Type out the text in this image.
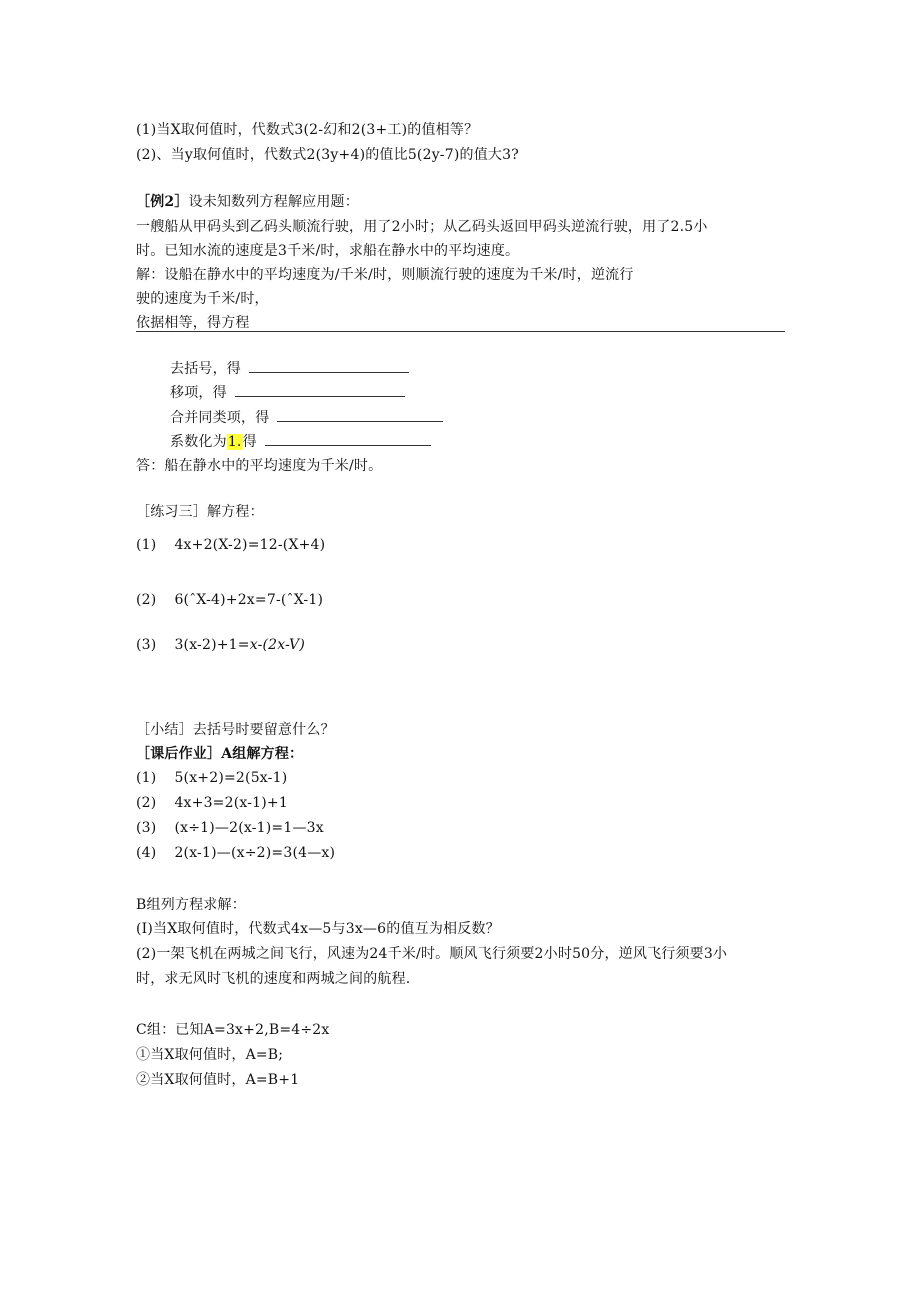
(1)当X取何值时，代数式3(2-幻和2(3+工)的值相等？
(2)、当y取何值时，代数式2(3y+4)的值比5(2y-7)的值大3?
［例2］设未知数列方程解应用题：
一艘船从甲码头到乙码头顺流行驶，用了2小时；从乙码头返回甲码头逆流行驶，用了2.5小
时。已知水流的速度是3千米/时，求船在静水中的平均速度。
解：设船在静水中的平均速度为/千米/时，则顺流行驶的速度为千米/时，逆流行
驶的速度为千米/时，
依据相等，得方程
去括号，得
移项，得
合并同类项，得
系数化为1.得
答：船在静水中的平均速度为千米/时。
［练习三］解方程：
(1) 4x+2(X-2)=12-(X+4)
(2) 6(ˆX-4)+2x=7-(ˆX-1)
(3) 3(x-2)+1=x-(2x-V)
［小结］去括号时要留意什么？
［课后作业］A组解方程：
(1) 5(x+2)=2(5x-1)
(2) 4x+3=2(x-1)+1
(3) (x÷1)—2(x-1)=1—3x
(4) 2(x-1)—(x÷2)=3(4—x)
B组列方程求解：
(I)当X取何值时，代数式4x—5与3x—6的值互为相反数？
(2)一架飞机在两城之间飞行，风速为24千米/时。顺风飞行须要2小时50分，逆风飞行须要3小
时，求无风时飞机的速度和两城之间的航程.
C组：已知A=3x+2,B=4÷2x
①当X取何值时，A=B;
②当X取何值时，A=B+1
